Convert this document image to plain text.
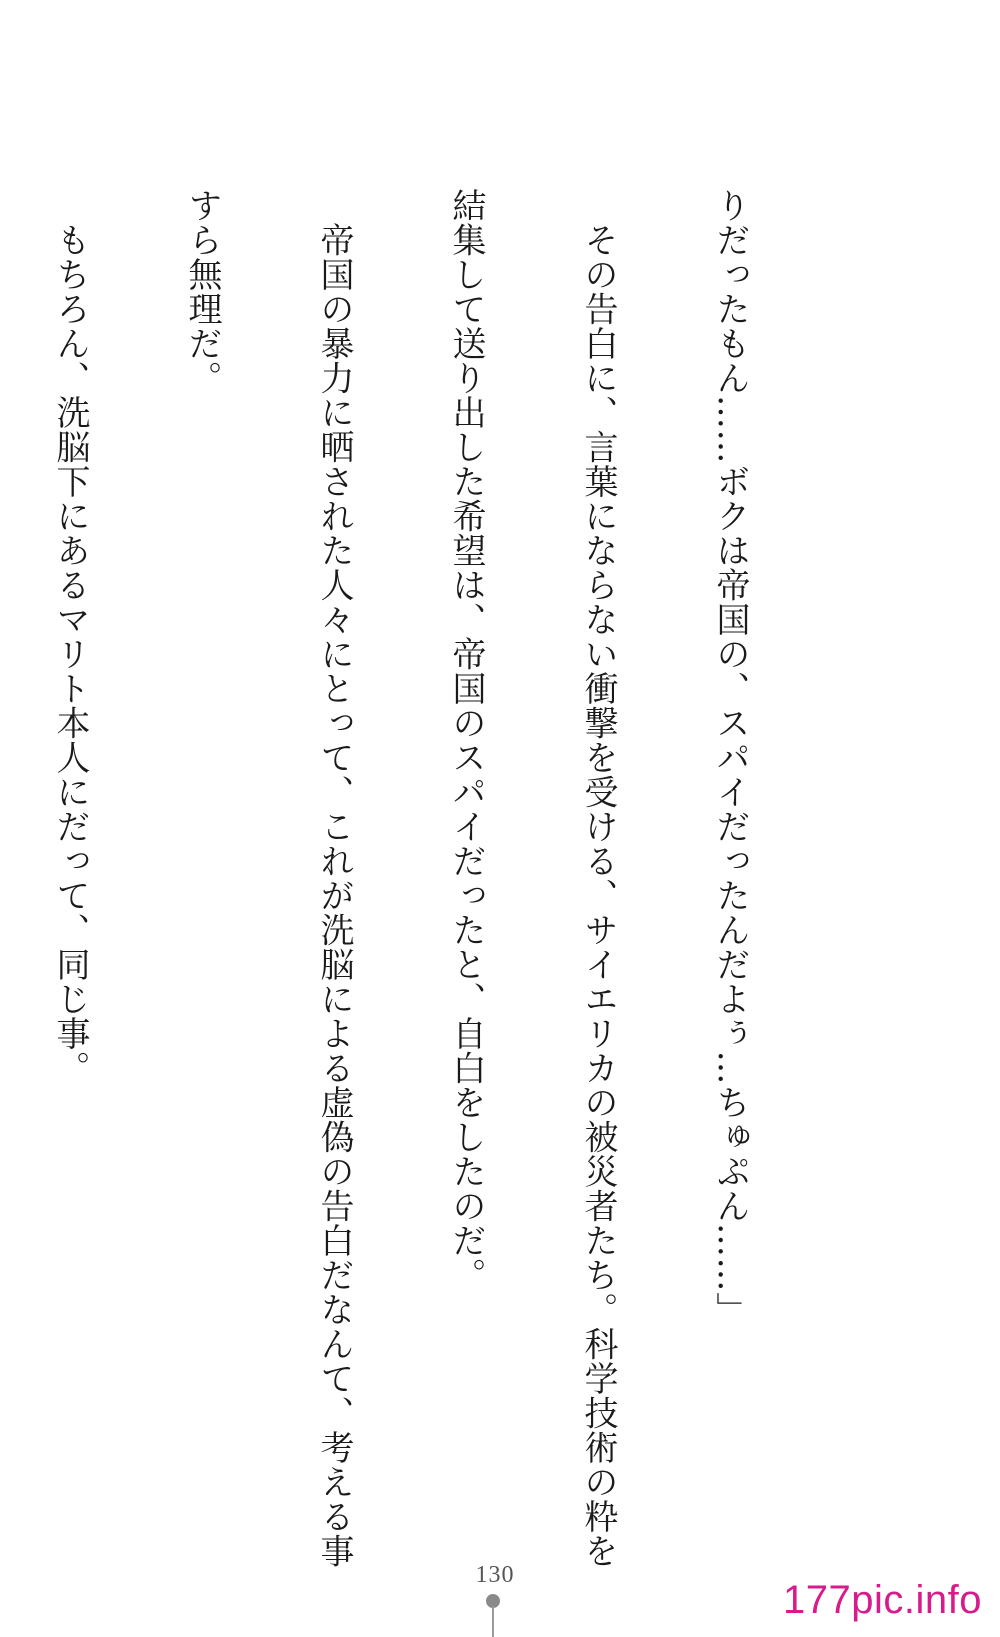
りだったもん……ボクは帝国の、スパイだったんだよぅ…ちゅぷん……」

　その告白に、言葉にならない衝撃を受ける、サイエリカの被災者たち。科学技術の粋を

結集して送り出した希望は、帝国のスパイだったと、自白をしたのだ。

　帝国の暴力に晒された人々にとって、これが洗脳による虚偽の告白だなんて、考える事

すら無理だ。

　もちろん、洗脳下にあるマリト本人にだって、同じ事。

130
177pic.info
